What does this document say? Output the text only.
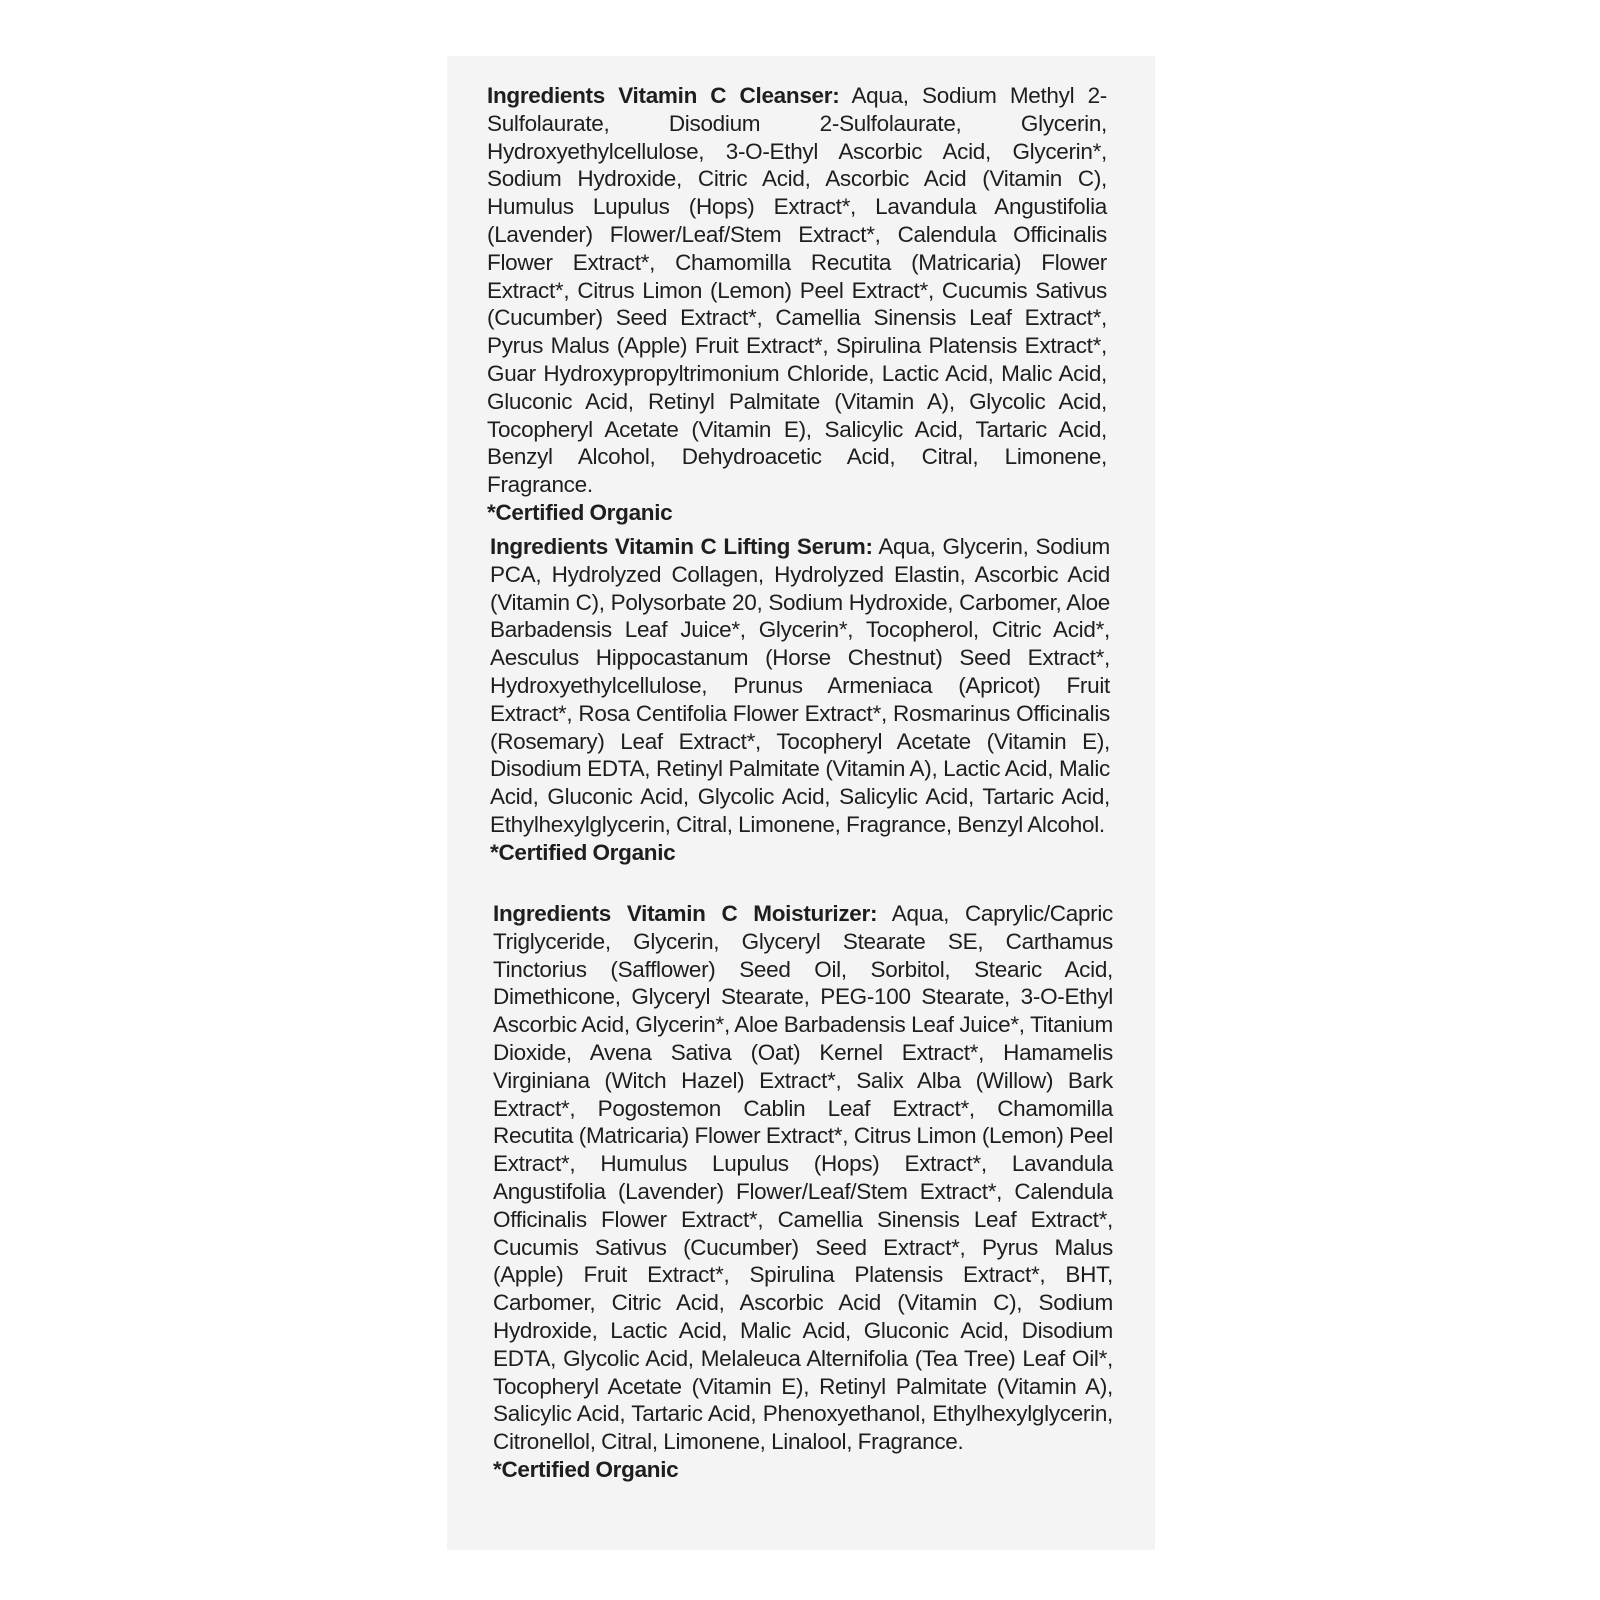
Ingredients Vitamin C Cleanser: Aqua, Sodium Methyl 2-Sulfolaurate, Disodium 2-Sulfolaurate, Glycerin, Hydroxyethylcellulose, 3-O-Ethyl Ascorbic Acid, Glycerin*, Sodium Hydroxide, Citric Acid, Ascorbic Acid (Vitamin C), Humulus Lupulus (Hops) Extract*, Lavandula Angustifolia (Lavender) Flower/Leaf/Stem Extract*, Calendula Officinalis Flower Extract*, Chamomilla Recutita (Matricaria) Flower Extract*, Citrus Limon (Lemon) Peel Extract*, Cucumis Sativus (Cucumber) Seed Extract*, Camellia Sinensis Leaf Extract*, Pyrus Malus (Apple) Fruit Extract*, Spirulina Platensis Extract*, Guar Hydroxypropyltrimonium Chloride, Lactic Acid, Malic Acid, Gluconic Acid, Retinyl Palmitate (Vitamin A), Glycolic Acid, Tocopheryl Acetate (Vitamin E), Salicylic Acid, Tartaric Acid, Benzyl Alcohol, Dehydroacetic Acid, Citral, Limonene, Fragrance.
*Certified Organic
Ingredients Vitamin C Lifting Serum: Aqua, Glycerin, Sodium PCA, Hydrolyzed Collagen, Hydrolyzed Elastin, Ascorbic Acid (Vitamin C), Polysorbate 20, Sodium Hydroxide, Carbomer, Aloe Barbadensis Leaf Juice*, Glycerin*, Tocopherol, Citric Acid*, Aesculus Hippocastanum (Horse Chestnut) Seed Extract*, Hydroxyethylcellulose, Prunus Armeniaca (Apricot) Fruit Extract*, Rosa Centifolia Flower Extract*, Rosmarinus Officinalis (Rosemary) Leaf Extract*, Tocopheryl Acetate (Vitamin E), Disodium EDTA, Retinyl Palmitate (Vitamin A), Lactic Acid, Malic Acid, Gluconic Acid, Glycolic Acid, Salicylic Acid, Tartaric Acid, Ethylhexylglycerin, Citral, Limonene, Fragrance, Benzyl Alcohol.
*Certified Organic
Ingredients Vitamin C Moisturizer: Aqua, Caprylic/Capric Triglyceride, Glycerin, Glyceryl Stearate SE, Carthamus Tinctorius (Safflower) Seed Oil, Sorbitol, Stearic Acid, Dimethicone, Glyceryl Stearate, PEG-100 Stearate, 3-O-Ethyl Ascorbic Acid, Glycerin*, Aloe Barbadensis Leaf Juice*, Titanium Dioxide, Avena Sativa (Oat) Kernel Extract*, Hamamelis Virginiana (Witch Hazel) Extract*, Salix Alba (Willow) Bark Extract*, Pogostemon Cablin Leaf Extract*, Chamomilla Recutita (Matricaria) Flower Extract*, Citrus Limon (Lemon) Peel Extract*, Humulus Lupulus (Hops) Extract*, Lavandula Angustifolia (Lavender) Flower/Leaf/Stem Extract*, Calendula Officinalis Flower Extract*, Camellia Sinensis Leaf Extract*, Cucumis Sativus (Cucumber) Seed Extract*, Pyrus Malus (Apple) Fruit Extract*, Spirulina Platensis Extract*, BHT, Carbomer, Citric Acid, Ascorbic Acid (Vitamin C), Sodium Hydroxide, Lactic Acid, Malic Acid, Gluconic Acid, Disodium EDTA, Glycolic Acid, Melaleuca Alternifolia (Tea Tree) Leaf Oil*, Tocopheryl Acetate (Vitamin E), Retinyl Palmitate (Vitamin A), Salicylic Acid, Tartaric Acid, Phenoxyethanol, Ethylhexylglycerin, Citronellol, Citral, Limonene, Linalool, Fragrance.
*Certified Organic
